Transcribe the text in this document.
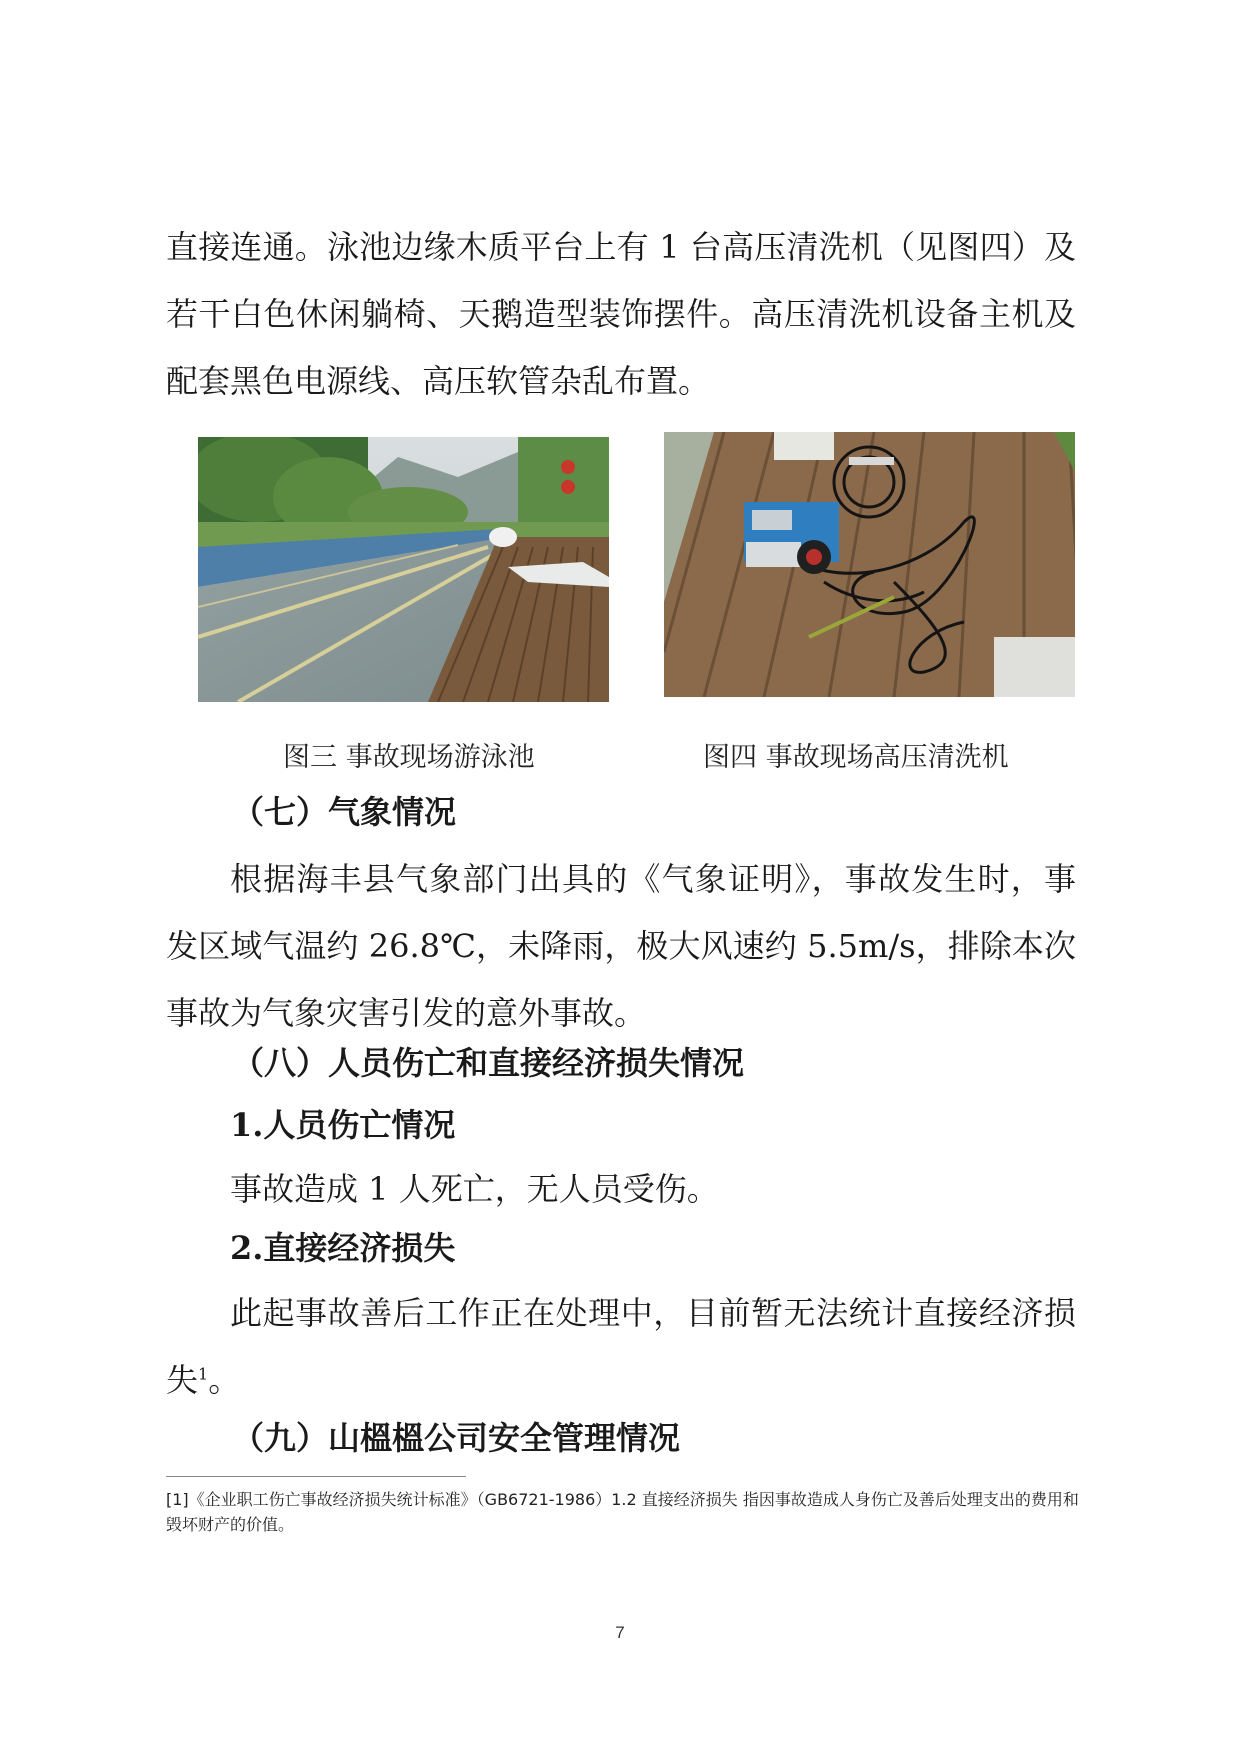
直接连通。泳池边缘木质平台上有 1 台高压清洗机（见图四）及若干白色休闲躺椅、天鹅造型装饰摆件。高压清洗机设备主机及配套黑色电源线、高压软管杂乱布置。

图三 事故现场游泳池	图四 事故现场高压清洗机
（七）气象情况

根据海丰县气象部门出具的《气象证明》，事故发生时，事发区域气温约 26.8℃，未降雨，极大风速约 5.5m/s，排除本次事故为气象灾害引发的意外事故。

（八）人员伤亡和直接经济损失情况
1.人员伤亡情况

事故造成 1 人死亡，无人员受伤。

2.直接经济损失

此起事故善后工作正在处理中，目前暂无法统计直接经济损失$^1$。

（九）山榲榲公司安全管理情况

[1]《企业职工伤亡事故经济损失统计标准》（GB6721-1986）1.2 直接经济损失 指因事故造成人身伤亡及善后处理支出的费用和毁坏财产的价值。

7
